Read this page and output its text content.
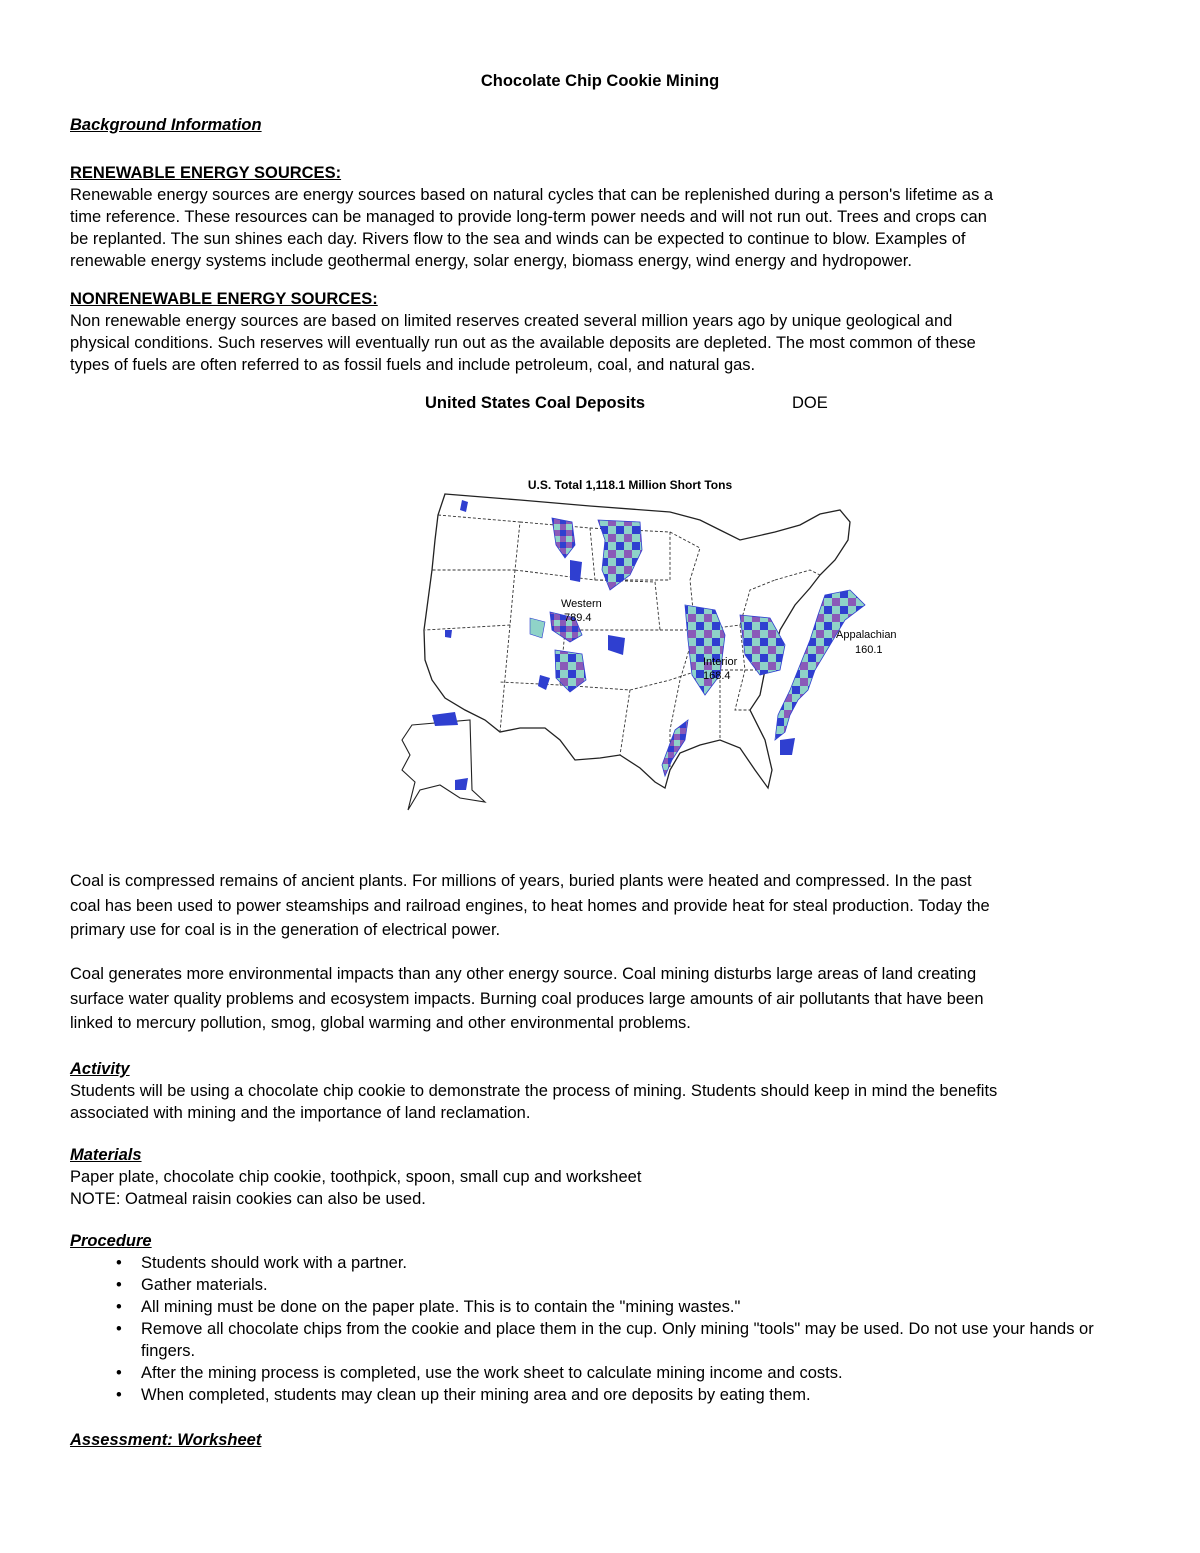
Chocolate Chip Cookie Mining
Background Information
RENEWABLE ENERGY SOURCES:
Renewable energy sources are energy sources based on natural cycles that can be replenished during a person's lifetime as a
time reference. These resources can be managed to provide long-term power needs and will not run out. Trees and crops can
be replanted. The sun shines each day. Rivers flow to the sea and winds can be expected to continue to blow. Examples of
renewable energy systems include geothermal energy, solar energy, biomass energy, wind energy and hydropower.
NONRENEWABLE ENERGY SOURCES:
Non renewable energy sources are based on limited reserves created several million years ago by unique geological and
physical conditions. Such reserves will eventually run out as the available deposits are depleted. The most common of these
types of fuels are often referred to as fossil fuels and include petroleum, coal, and natural gas.
United States Coal Deposits	DOE
U.S. Total 1,118.1 Million Short Tons
Western
789.4
Interior
168.4
Appalachian
160.1
Coal is compressed remains of ancient plants. For millions of years, buried plants were heated and compressed. In the past
coal has been used to power steamships and railroad engines, to heat homes and provide heat for steal production. Today the
primary use for coal is in the generation of electrical power.
Coal generates more environmental impacts than any other energy source. Coal mining disturbs large areas of land creating
surface water quality problems and ecosystem impacts. Burning coal produces large amounts of air pollutants that have been
linked to mercury pollution, smog, global warming and other environmental problems.
Activity
Students will be using a chocolate chip cookie to demonstrate the process of mining. Students should keep in mind the benefits
associated with mining and the importance of land reclamation.
Materials
Paper plate, chocolate chip cookie, toothpick, spoon, small cup and worksheet
NOTE: Oatmeal raisin cookies can also be used.
Procedure
• Students should work with a partner.
• Gather materials.
• All mining must be done on the paper plate. This is to contain the "mining wastes."
• Remove all chocolate chips from the cookie and place them in the cup. Only mining "tools" may be used. Do not use your hands or fingers.
• After the mining process is completed, use the work sheet to calculate mining income and costs.
• When completed, students may clean up their mining area and ore deposits by eating them.
Assessment: Worksheet
